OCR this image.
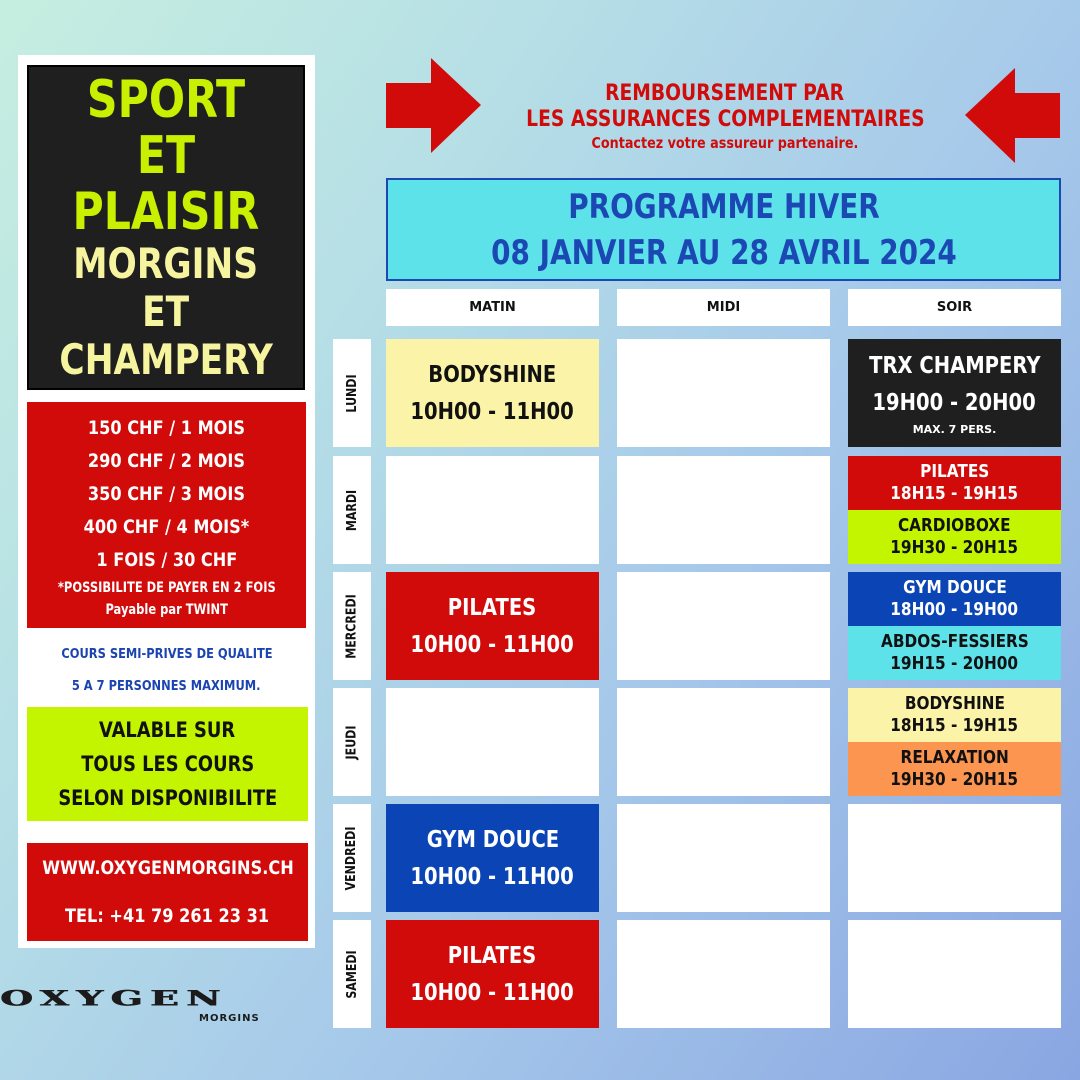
SPORT ET
PLAISIR
MORGINS
ET
CHAMPERY
150 CHF / 1 MOIS
290 CHF / 2 MOIS
350 CHF / 3 MOIS
400 CHF / 4 MOIS*
1 FOIS / 30 CHF
*POSSIBILITE DE PAYER EN 2 FOIS
Payable par TWINT
COURS SEMI-PRIVES DE QUALITE
5 A 7 PERSONNES MAXIMUM.
VALABLE SUR
TOUS LES COURS
SELON DISPONIBILITE
WWW.OXYGENMORGINS.CH
TEL: +41 79 261 23 31
OXYGEN
MORGINS
REMBOURSEMENT PAR
LES ASSURANCES COMPLEMENTAIRES
Contactez votre assureur partenaire.
PROGRAMME HIVER
08 JANVIER AU 28 AVRIL 2024
MATIN	MIDI	SOIR
LUNDI
MARDI
MERCREDI
JEUDI
VENDREDI
SAMEDI
BODYSHINE
10H00 - 11H00
TRX CHAMPERY
19H00 - 20H00
MAX. 7 PERS.
PILATES
18H15 - 19H15
CARDIOBOXE
19H30 - 20H15
PILATES
10H00 - 11H00
GYM DOUCE
18H00 - 19H00
ABDOS-FESSIERS
19H15 - 20H00
BODYSHINE
18H15 - 19H15
RELAXATION
19H30 - 20H15
GYM DOUCE
10H00 - 11H00
PILATES
10H00 - 11H00
